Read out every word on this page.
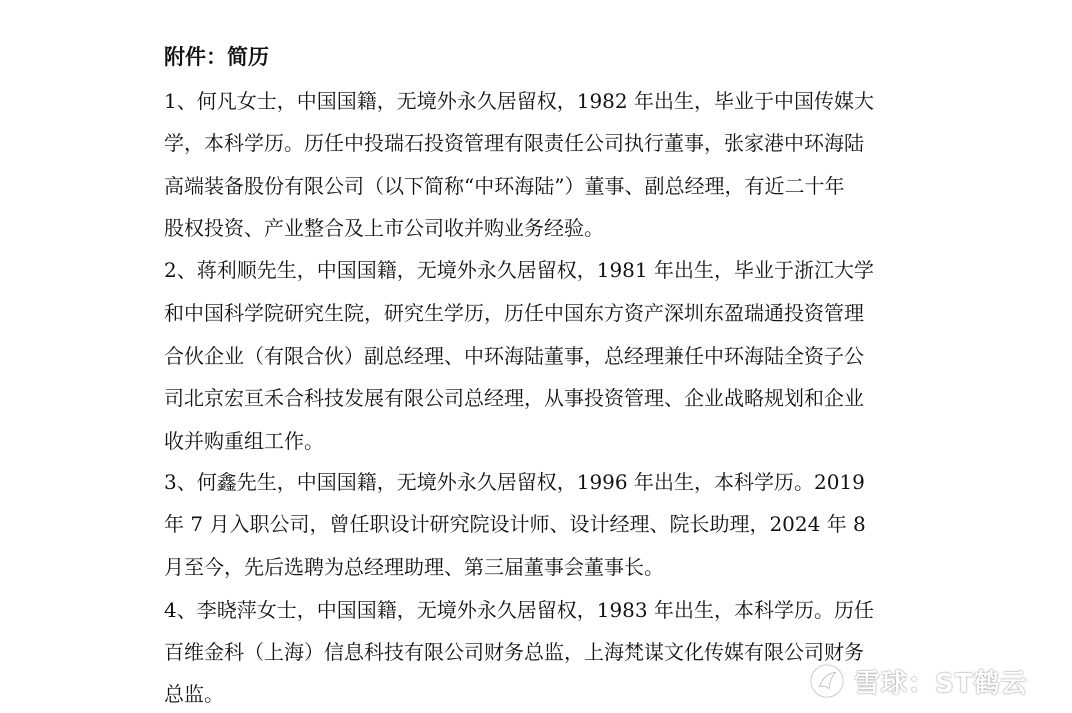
附件：简历
1、何凡女士，中国国籍，无境外永久居留权，1982 年出生，毕业于中国传媒大
学，本科学历。历任中投瑞石投资管理有限责任公司执行董事，张家港中环海陆
高端装备股份有限公司（以下简称“中环海陆”）董事、副总经理，有近二十年
股权投资、产业整合及上市公司收并购业务经验。
2、蒋利顺先生，中国国籍，无境外永久居留权，1981 年出生，毕业于浙江大学
和中国科学院研究生院，研究生学历，历任中国东方资产深圳东盈瑞通投资管理
合伙企业（有限合伙）副总经理、中环海陆董事，总经理兼任中环海陆全资子公
司北京宏亘禾合科技发展有限公司总经理，从事投资管理、企业战略规划和企业
收并购重组工作。
3、何鑫先生，中国国籍，无境外永久居留权，1996 年出生，本科学历。2019
年 7 月入职公司，曾任职设计研究院设计师、设计经理、院长助理，2024 年 8
月至今，先后选聘为总经理助理、第三届董事会董事长。
4、李晓萍女士，中国国籍，无境外永久居留权，1983 年出生，本科学历。历任
百维金科（上海）信息科技有限公司财务总监，上海梵谋文化传媒有限公司财务
总监。	雪球：ST鹤云
